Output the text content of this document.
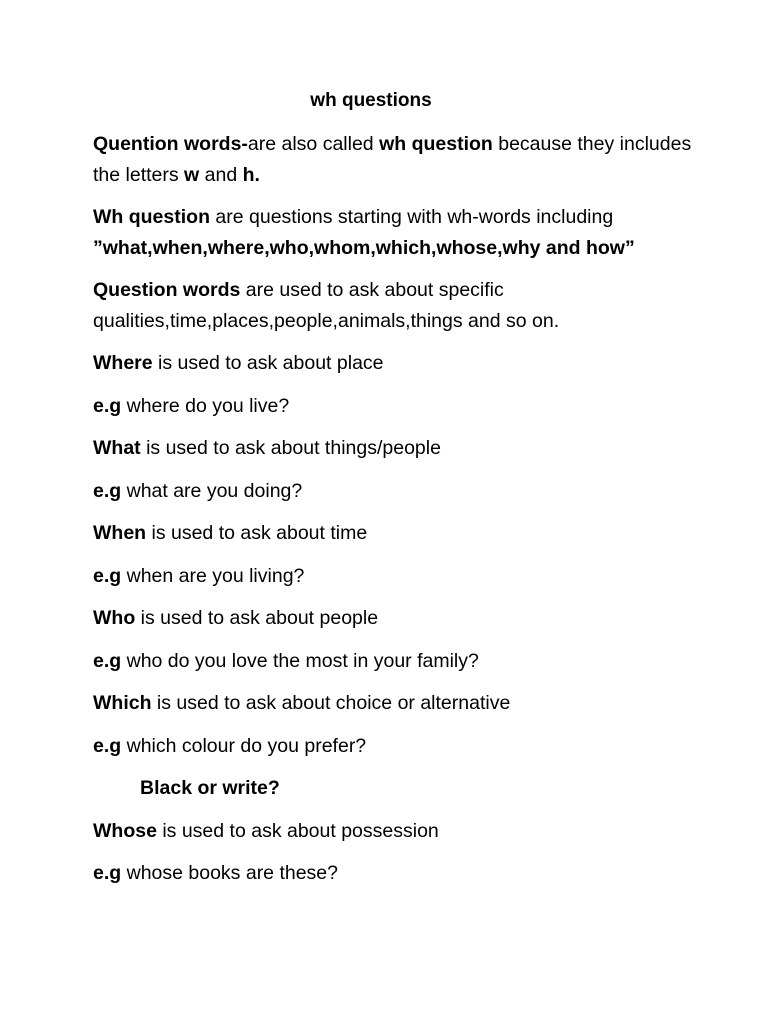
wh questions

Quention words-are also called wh question because they includes the letters w and h.

Wh question are questions starting with wh-words including ”what,when,where,who,whom,which,whose,why and how”

Question words are used to ask about specific qualities,time,places,people,animals,things and so on.

Where is used to ask about place

e.g where do you live?

What is used to ask about things/people

e.g what are you doing?

When is used to ask about time

e.g when are you living?

Who is used to ask about people

e.g who do you love the most in your family?

Which is used to ask about choice or alternative

e.g which colour do you prefer?

Black or write?

Whose is used to ask about possession

e.g whose books are these?
